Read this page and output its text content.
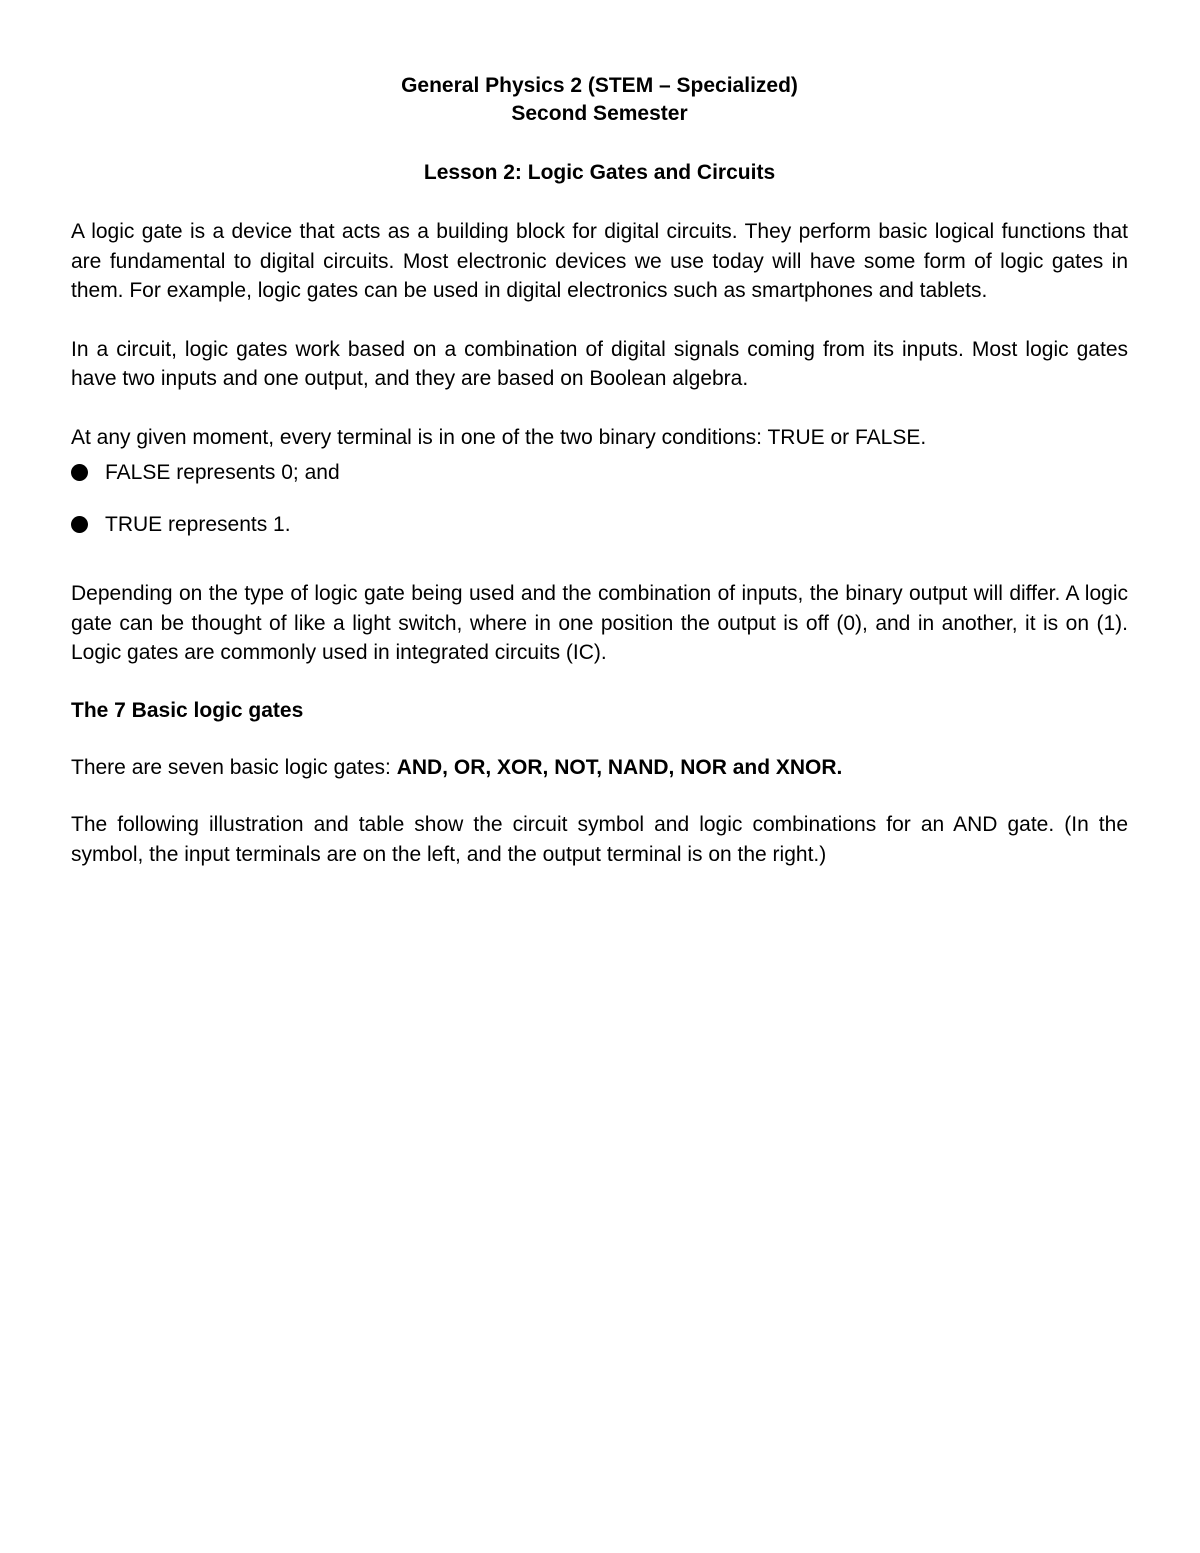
General Physics 2 (STEM – Specialized)
Second Semester
Lesson 2: Logic Gates and Circuits

A logic gate is a device that acts as a building block for digital circuits. They perform basic logical functions that are fundamental to digital circuits. Most electronic devices we use today will have some form of logic gates in them. For example, logic gates can be used in digital electronics such as smartphones and tablets.

In a circuit, logic gates work based on a combination of digital signals coming from its inputs. Most logic gates have two inputs and one output, and they are based on Boolean algebra.

At any given moment, every terminal is in one of the two binary conditions: TRUE or FALSE.

FALSE represents 0; and
TRUE represents 1.

Depending on the type of logic gate being used and the combination of inputs, the binary output will differ. A logic gate can be thought of like a light switch, where in one position the output is off (0), and in another, it is on (1). Logic gates are commonly used in integrated circuits (IC).

The 7 Basic logic gates

There are seven basic logic gates: AND, OR, XOR, NOT, NAND, NOR and XNOR.

The following illustration and table show the circuit symbol and logic combinations for an AND gate. (In the symbol, the input terminals are on the left, and the output terminal is on the right.)
